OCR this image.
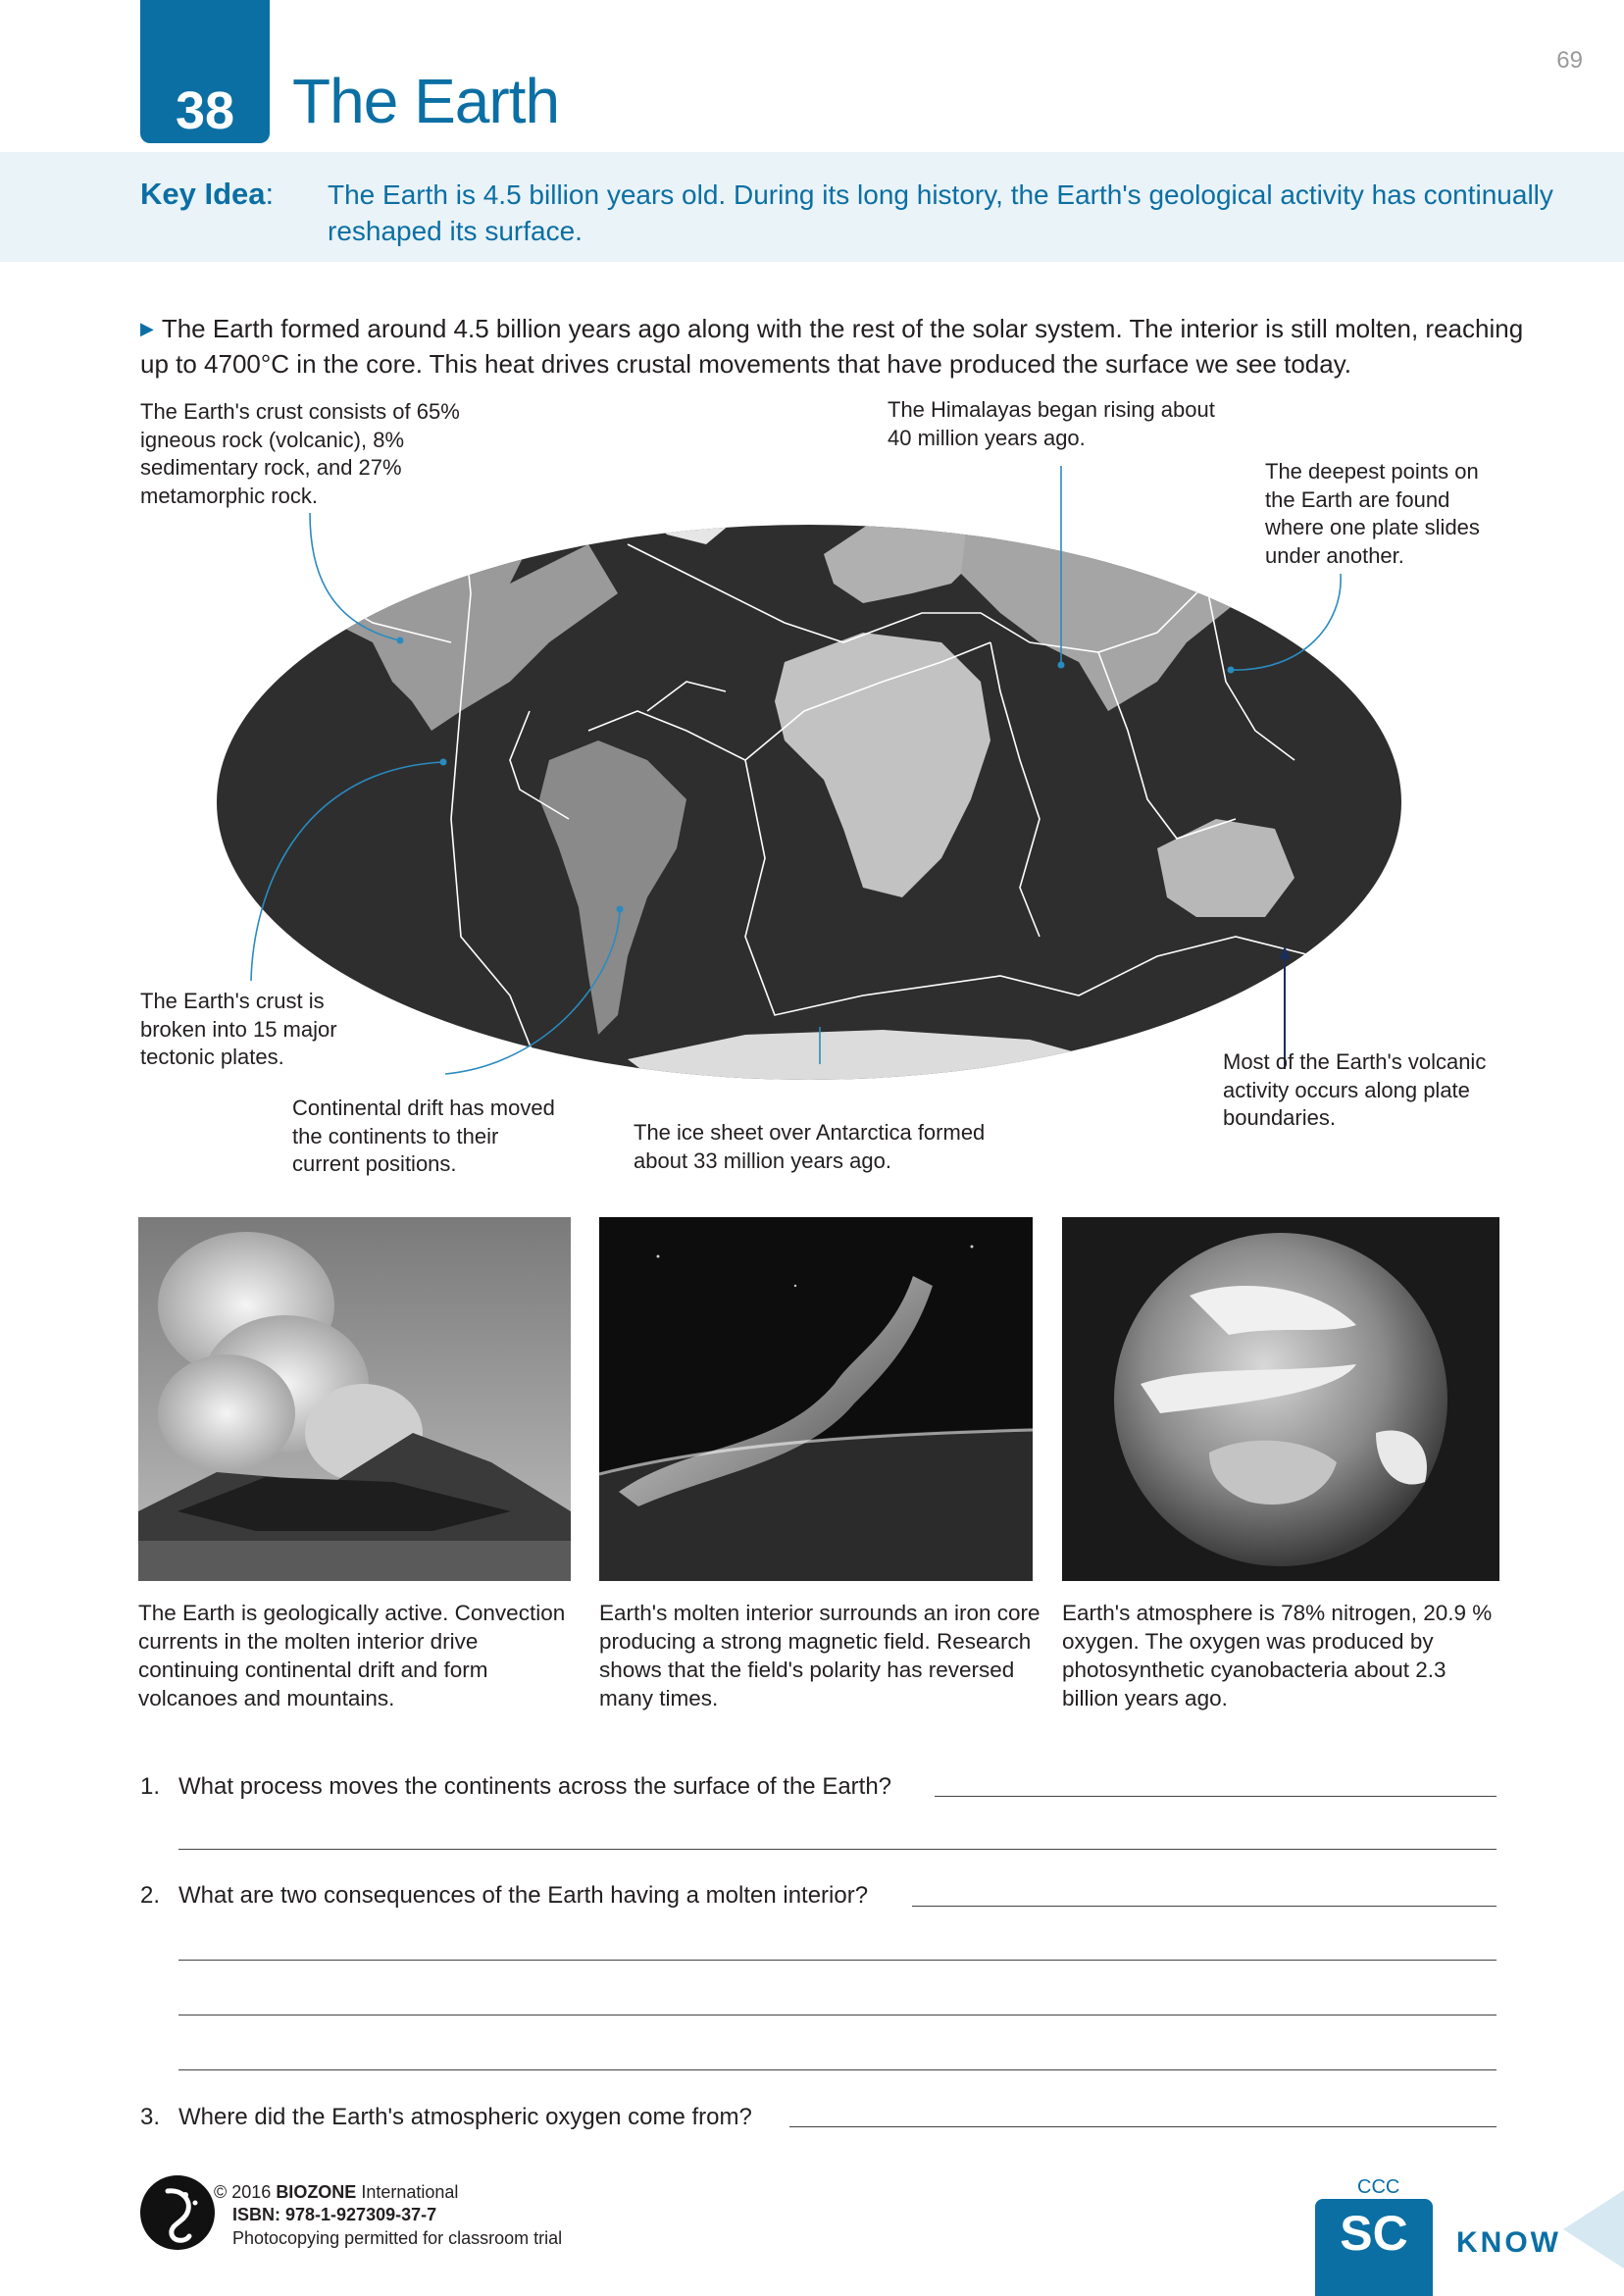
69
38 The Earth
Key Idea: The Earth is 4.5 billion years old. During its long history, the Earth's geological activity has continually reshaped its surface.
▶ The Earth formed around 4.5 billion years ago along with the rest of the solar system. The interior is still molten, reaching up to 4700°C in the core. This heat drives crustal movements that have produced the surface we see today.
The Earth's crust consists of 65% igneous rock (volcanic), 8% sedimentary rock, and 27% metamorphic rock.
The Himalayas began rising about 40 million years ago.
The deepest points on the Earth are found where one plate slides under another.
The Earth's crust is broken into 15 major tectonic plates.
Continental drift has moved the continents to their current positions.
The ice sheet over Antarctica formed about 33 million years ago.
Most of the Earth's volcanic activity occurs along plate boundaries.
The Earth is geologically active. Convection currents in the molten interior drive continuing continental drift and form volcanoes and mountains.
Earth's molten interior surrounds an iron core producing a strong magnetic field. Research shows that the field's polarity has reversed many times.
Earth's atmosphere is 78% nitrogen, 20.9 % oxygen. The oxygen was produced by photosynthetic cyanobacteria about 2.3 billion years ago.
1. What process moves the continents across the surface of the Earth?
2. What are two consequences of the Earth having a molten interior?
3. Where did the Earth's atmospheric oxygen come from?
© 2016 BIOZONE International
ISBN: 978-1-927309-37-7
Photocopying permitted for classroom trial
CCC
SC	KNOW
